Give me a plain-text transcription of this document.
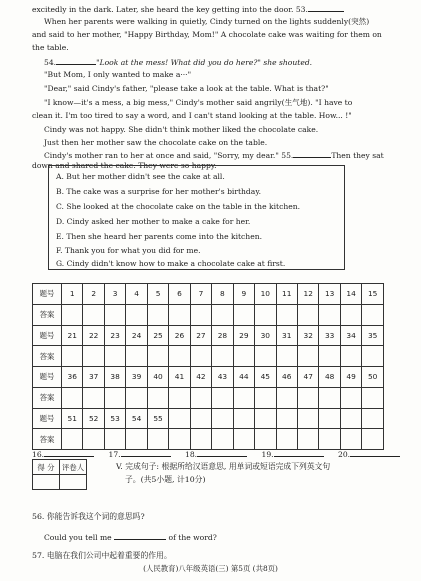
excitedly in the dark. Later, she heard the key getting into the door. 53.
When her parents were walking in quietly, Cindy turned on the lights suddenly(突然)
and said to her mother, "Happy Birthday, Mom!" A chocolate cake was waiting for them on
the table.
54.	"Look at the mess! What did you do here?" she shouted.
"But Mom, I only wanted to make a···"
"Dear," said Cindy's father, "please take a look at the table. What is that?"
"I know—it's a mess, a big mess," Cindy's mother said angrily(生气地). "I have to
clean it. I'm too tired to say a word, and I can't stand looking at the table. How... !"
Cindy was not happy. She didn't think mother liked the chocolate cake.
Just then her mother saw the chocolate cake on the table.
Cindy's mother ran to her at once and said, "Sorry, my dear." 55.	Then they sat
down and shared the cake. They were so happy.
A. But her mother didn't see the cake at all.
B. The cake was a surprise for her mother's birthday.
C. She looked at the chocolate cake on the table in the kitchen.
D. Cindy asked her mother to make a cake for her.
E. Then she heard her parents come into the kitchen.
F. Thank you for what you did for me.
G. Cindy didn't know how to make a chocolate cake at first.
题号	1	2	3	4	5	6	7	8	9	10	11	12	13	14	15
答案															
题号	21	22	23	24	25	26	27	28	29	30	31	32	33	34	35
答案															
题号	36	37	38	39	40	41	42	43	44	45	46	47	48	49	50
答案															
题号	51	52	53	54	55										
答案															
16.	17.	18.	19.	20.
得 分	评卷人
		V. 完成句子: 根据所给汉语意思, 用单词或短语完成下列英文句
子。(共5小题, 计10分)
56. 你能告诉我这个词的意思吗?
Could you tell me	of the word?
57. 电脑在我们公司中起着重要的作用。
(人民教育)八年级英语(三) 第5页 (共8页)
